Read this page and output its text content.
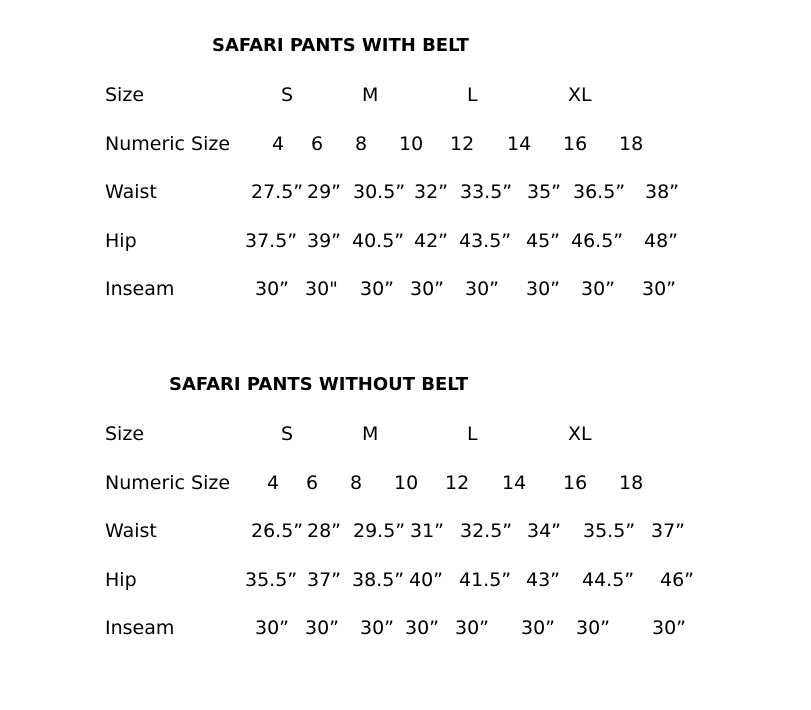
SAFARI PANTS WITH BELT
Size	S	M	L	XL
Numeric Size 4 6 8 10 12 14 16 18
Waist	27.5” 29” 30.5” 32” 33.5” 35” 36.5” 38”
Hip	37.5” 39” 40.5” 42” 43.5” 45” 46.5” 48”
Inseam	30” 30" 30” 30” 30” 30” 30” 30”
SAFARI PANTS WITHOUT BELT
Size	S	M	L	XL
Numeric Size 4 6 8 10 12 14 16 18
Waist	26.5” 28” 29.5” 31” 32.5” 34” 35.5” 37”
Hip	35.5” 37” 38.5” 40” 41.5” 43” 44.5” 46”
Inseam	30” 30” 30” 30” 30” 30” 30” 30”
